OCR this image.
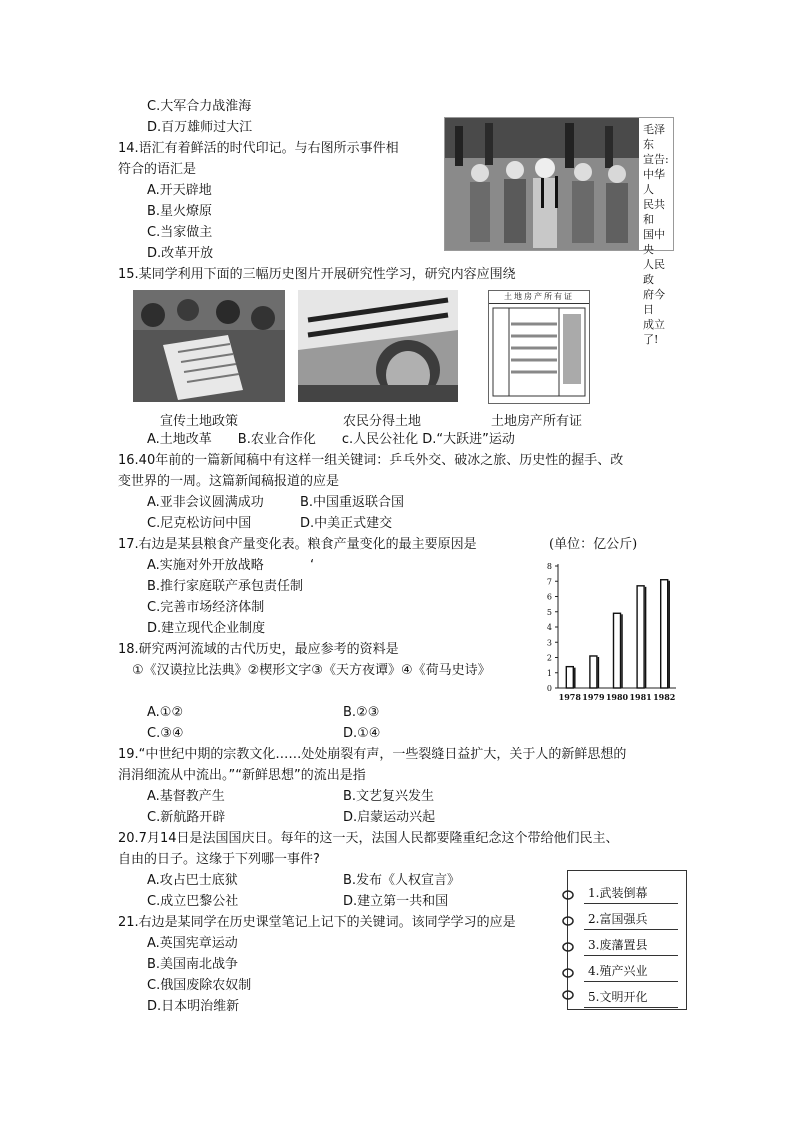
C.大军合力战淮海
D.百万雄师过大江
14.语汇有着鲜活的时代印记。与右图所示事件相
符合的语汇是
A.开天辟地
B.星火燎原
C.当家做主
D.改革开放
毛泽东
宣告:
中华人
民共和
国中央
人民政
府今日
成立了!
15.某同学利用下面的三幅历史图片开展研究性学习，研究内容应围绕
土地房产所有证
宣传土地政策	农民分得土地	土地房产所有证
A.土地改革　　B.农业合作化　　c.人民公社化 D.“大跃进”运动
16.40年前的一篇新闻稿中有这样一组关键词：乒乓外交、破冰之旅、历史性的握手、改
变世界的一周。这篇新闻稿报道的应是
A.亚非会议圆满成功	B.中国重返联合国
C.尼克松访问中国	D.中美正式建交
17.右边是某县粮食产量变化表。粮食产量变化的最主要原因是
A.实施对外开放战略	‘
B.推行家庭联产承包责任制
C.完善市场经济体制
D.建立现代企业制度
(单位：亿公斤)
0
1
2
3
4
5
6
7
8
1978 1979 1980 1981 1982
18.研究两河流域的古代历史，最应参考的资料是
①《汉谟拉比法典》②楔形文字③《天方夜谭》④《荷马史诗》
A.①②	B.②③
C.③④	D.①④
19.“中世纪中期的宗教文化……处处崩裂有声，一些裂缝日益扩大，关于人的新鲜思想的
涓涓细流从中流出。”“新鲜思想”的流出是指
A.基督教产生	B.文艺复兴发生
C.新航路开辟	D.启蒙运动兴起
20.7月14日是法国国庆日。每年的这一天，法国人民都要隆重纪念这个带给他们民主、
自由的日子。这缘于下列哪一事件?
A.攻占巴士底狱	B.发布《人权宣言》
C.成立巴黎公社	D.建立第一共和国
21.右边是某同学在历史课堂笔记上记下的关键词。该同学学习的应是
A.英国宪章运动
B.美国南北战争
C.俄国废除农奴制
D.日本明治维新
1.武装倒幕
2.富国强兵
3.废藩置县
4.殖产兴业
5.文明开化
